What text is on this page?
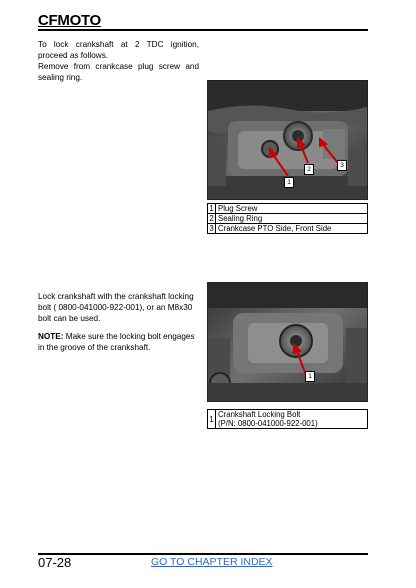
CFMOTO
To lock crankshaft at 2 TDC ignition, proceed as follows.
Remove from crankcase plug screw and sealing ring.
1
2
3
1	Plug Screw
2	Sealing Ring
3	Crankcase PTO Side, Front Side
Lock crankshaft with the crankshaft locking bolt ( 0800-041000-922-001), or an M8x30 bolt can be used.
NOTE: Make sure the locking bolt engages in the groove of the crankshaft.
1
1	Crankshaft Locking Bolt
(P/N: 0800-041000-922-001)
07-28	GO TO CHAPTER INDEX
